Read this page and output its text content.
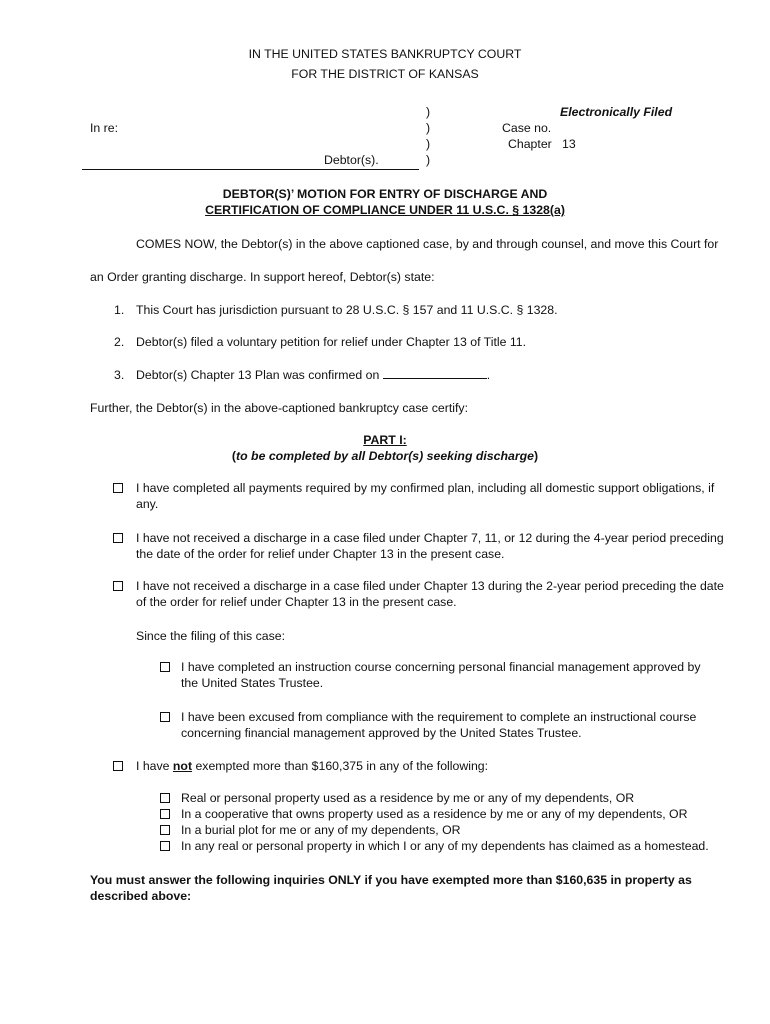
IN THE UNITED STATES BANKRUPTCY COURT
FOR THE DISTRICT OF KANSAS
)
)
)
)
In re:
Debtor(s).
Electronically Filed
Case no.
Chapter 13
DEBTOR(S)’ MOTION FOR ENTRY OF DISCHARGE AND
CERTIFICATION OF COMPLIANCE UNDER 11 U.S.C. § 1328(a)
COMES NOW, the Debtor(s) in the above captioned case, by and through counsel, and move this Court for
an Order granting discharge. In support hereof, Debtor(s) state:
1. This Court has jurisdiction pursuant to 28 U.S.C. § 157 and 11 U.S.C. § 1328.
2. Debtor(s) filed a voluntary petition for relief under Chapter 13 of Title 11.
3. Debtor(s) Chapter 13 Plan was confirmed on	.
Further, the Debtor(s) in the above-captioned bankruptcy case certify:
PART I:
(to be completed by all Debtor(s) seeking discharge)
I have completed all payments required by my confirmed plan, including all domestic support obligations, if
any.
I have not received a discharge in a case filed under Chapter 7, 11, or 12 during the 4-year period preceding
the date of the order for relief under Chapter 13 in the present case.
I have not received a discharge in a case filed under Chapter 13 during the 2-year period preceding the date
of the order for relief under Chapter 13 in the present case.
Since the filing of this case:
I have completed an instruction course concerning personal financial management approved by
the United States Trustee.
I have been excused from compliance with the requirement to complete an instructional course
concerning financial management approved by the United States Trustee.
I have not exempted more than $160,375 in any of the following:
Real or personal property used as a residence by me or any of my dependents, OR
In a cooperative that owns property used as a residence by me or any of my dependents, OR
In a burial plot for me or any of my dependents, OR
In any real or personal property in which I or any of my dependents has claimed as a homestead.
You must answer the following inquiries ONLY if you have exempted more than $160,635 in property as
described above:
